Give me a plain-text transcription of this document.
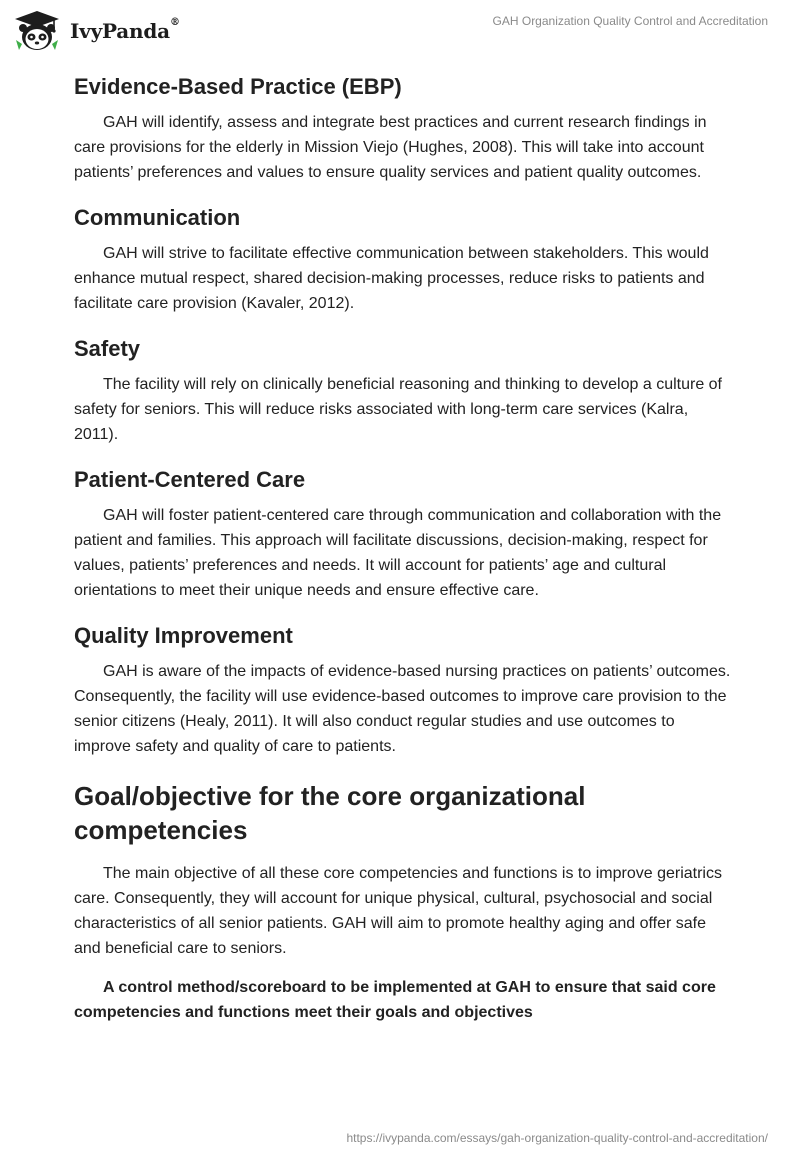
IvyPanda®	GAH Organization Quality Control and Accreditation
Evidence-Based Practice (EBP)

GAH will identify, assess and integrate best practices and current research findings in care provisions for the elderly in Mission Viejo (Hughes, 2008). This will take into account patients’ preferences and values to ensure quality services and patient quality outcomes.

Communication

GAH will strive to facilitate effective communication between stakeholders. This would enhance mutual respect, shared decision-making processes, reduce risks to patients and facilitate care provision (Kavaler, 2012).

Safety

The facility will rely on clinically beneficial reasoning and thinking to develop a culture of safety for seniors. This will reduce risks associated with long-term care services (Kalra, 2011).

Patient-Centered Care

GAH will foster patient-centered care through communication and collaboration with the patient and families. This approach will facilitate discussions, decision-making, respect for values, patients’ preferences and needs. It will account for patients’ age and cultural orientations to meet their unique needs and ensure effective care.

Quality Improvement

GAH is aware of the impacts of evidence-based nursing practices on patients’ outcomes. Consequently, the facility will use evidence-based outcomes to improve care provision to the senior citizens (Healy, 2011). It will also conduct regular studies and use outcomes to improve safety and quality of care to patients.

Goal/objective for the core organizational competencies

The main objective of all these core competencies and functions is to improve geriatrics care. Consequently, they will account for unique physical, cultural, psychosocial and social characteristics of all senior patients. GAH will aim to promote healthy aging and offer safe and beneficial care to seniors.

A control method/scoreboard to be implemented at GAH to ensure that said core competencies and functions meet their goals and objectives

https://ivypanda.com/essays/gah-organization-quality-control-and-accreditation/
